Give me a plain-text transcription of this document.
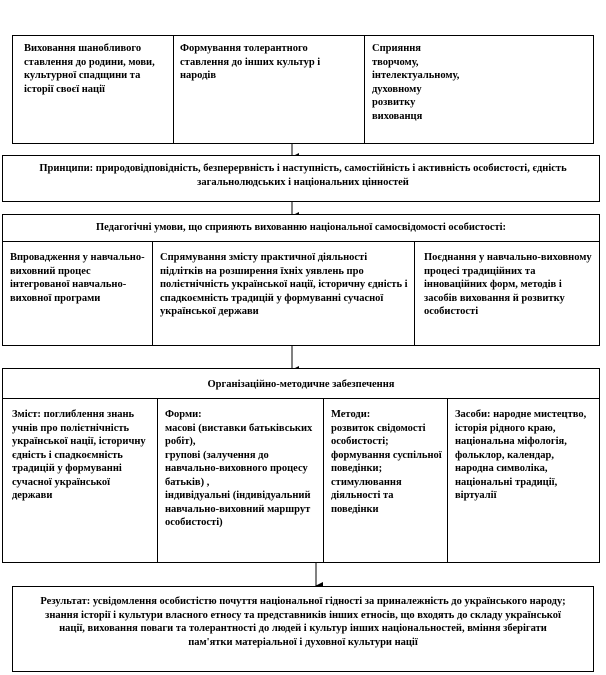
Виховання шанобливого ставлення до родини, мови, культурної спадщини та історії своєї нації
Формування толерантного ставлення до інших культур і народів
Сприяння творчому, інтелектуальному, духовному розвитку вихованця
Принципи: природовідповідність, безперервність і наступність, самостійність і активність особистості, єдність загальнолюдських і національних цінностей
Педагогічні умови, що сприяють вихованню національної самосвідомості особистості:
Впровадження у навчально-виховний процес інтегрованої навчально-виховної програми
Спрямування змісту практичної діяльності підлітків на розширення їхніх уявлень про полієтнічність української нації, історичну єдність і спадкоємність традицій у формуванні сучасної української держави
Поєднання у навчально-виховному процесі традиційних та інноваційних форм, методів і засобів виховання й розвитку особистості
Організаційно-методичне забезпечення
Зміст: поглиблення знань учнів про полієтнічність української нації, історичну єдність і спадкоємність традицій у формуванні сучасної української держави
Форми:
масові (виставки батьківських робіт),
групові (залучення до навчально-виховного процесу батьків) ,
індивідуальні (індивідуальний навчально-виховний маршрут особистості)
Методи:
розвиток свідомості особистості;
формування суспільної поведінки;
стимулювання діяльності та поведінки
Засоби: народне мистецтво, історія рідного краю, національна міфологія, фольклор, календар, народна символіка, національні традиції, віртуалії
Результат: усвідомлення особистістю почуття національної гідності за приналежність до українського народу; знання історії і культури власного етносу та представників інших етносів, що входять до складу української нації, виховання поваги та толерантності до людей і культур інших національностей, вміння зберігати пам'ятки матеріальної і духовної культури нації
